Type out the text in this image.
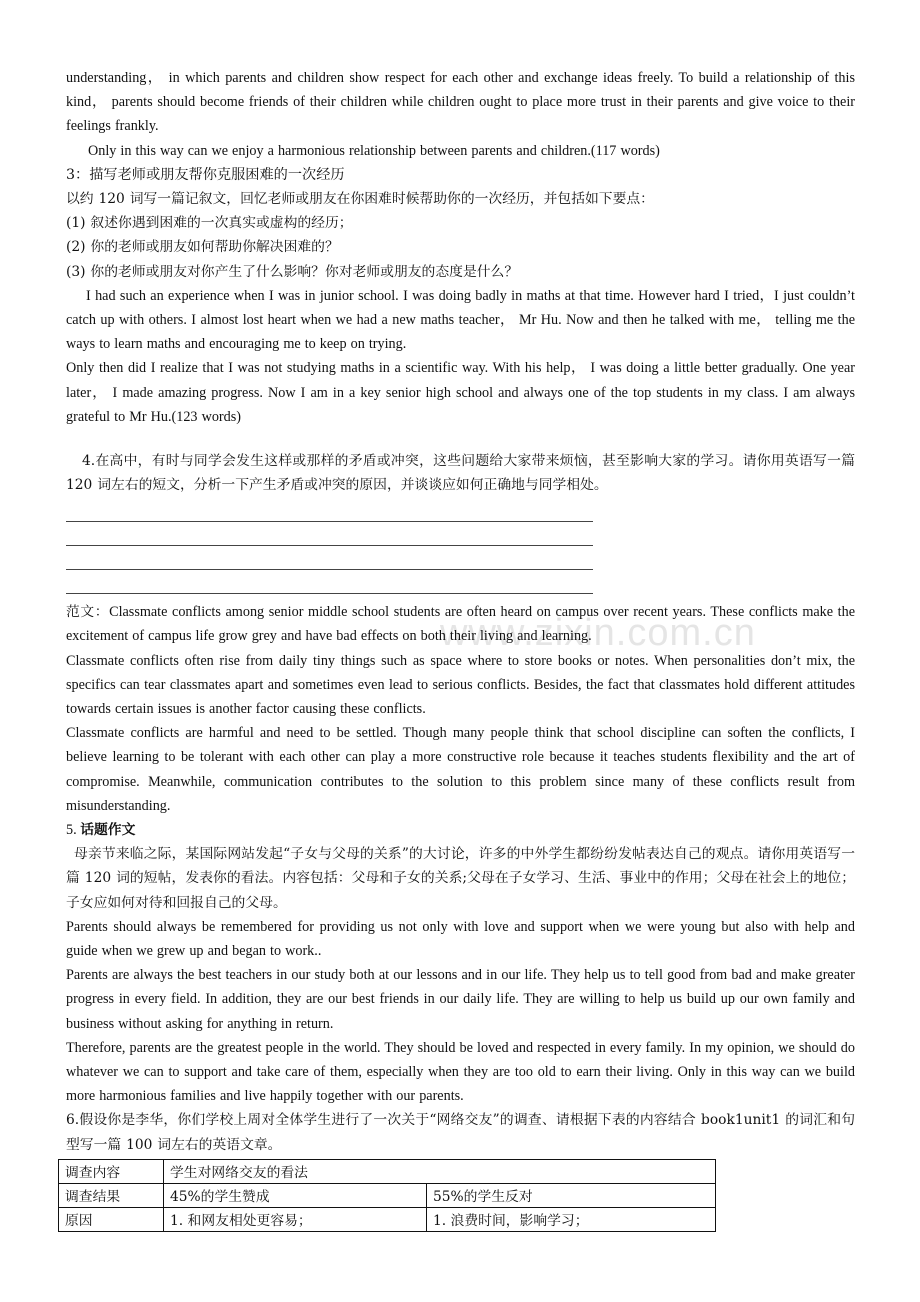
www.zixin.com.cn

understanding， in which parents and children show respect for each other and exchange ideas freely. To build a relationship of this kind， parents should become friends of their children while children ought to place more trust in their parents and give voice to their feelings frankly.

Only in this way can we enjoy a harmonious relationship between parents and children.(117 words)

3：描写老师或朋友帮你克服困难的一次经历

以约 120 词写一篇记叙文，回忆老师或朋友在你困难时候帮助你的一次经历，并包括如下要点：

(1) 叙述你遇到困难的一次真实或虚构的经历；

(2) 你的老师或朋友如何帮助你解决困难的？

(3) 你的老师或朋友对你产生了什么影响？你对老师或朋友的态度是什么？

I had such an experience when I was in junior school. I was doing badly in maths at that time. However hard I tried，I just couldn’t catch up with others. I almost lost heart when we had a new maths teacher， Mr Hu. Now and then he talked with me， telling me the ways to learn maths and encouraging me to keep on trying.

Only then did I realize that I was not studying maths in a scientific way. With his help， I was doing a little better gradually. One year later， I made amazing progress. Now I am in a key senior high school and always one of the top students in my class. I am always grateful to Mr Hu.(123 words)

4.在高中，有时与同学会发生这样或那样的矛盾或冲突，这些问题给大家带来烦恼，甚至影响大家的学习。请你用英语写一篇 120 词左右的短文，分析一下产生矛盾或冲突的原因，并谈谈应如何正确地与同学相处。

范文：Classmate conflicts among senior middle school students are often heard on campus over recent years. These conflicts make the excitement of campus life grow grey and have bad effects on both their living and learning.

Classmate conflicts often rise from daily tiny things such as space where to store books or notes. When personalities don’t mix, the specifics can tear classmates apart and sometimes even lead to serious conflicts. Besides, the fact that classmates hold different attitudes towards certain issues is another factor causing these conflicts.

Classmate conflicts are harmful and need to be settled. Though many people think that school discipline can soften the conflicts, I believe learning to be tolerant with each other can play a more constructive role because it teaches students flexibility and the art of compromise. Meanwhile, communication contributes to the solution to this problem since many of these conflicts result from misunderstanding.

5. 话题作文

母亲节来临之际，某国际网站发起“子女与父母的关系”的大讨论，许多的中外学生都纷纷发帖表达自己的观点。请你用英语写一篇 120 词的短帖，发表你的看法。内容包括：父母和子女的关系;父母在子女学习、生活、事业中的作用；父母在社会上的地位；子女应如何对待和回报自己的父母。

Parents should always be remembered for providing us not only with love and support when we were young but also with help and guide when we grew up and began to work..

Parents are always the best teachers in our study both at our lessons and in our life. They help us to tell good from bad and make greater progress in every field. In addition, they are our best friends in our daily life. They are willing to help us build up our own family and business without asking for anything in return.

Therefore, parents are the greatest people in the world. They should be loved and respected in every family. In my opinion, we should do whatever we can to support and take care of them, especially when they are too old to earn their living. Only in this way can we build more harmonious families and live happily together with our parents.

6.假设你是李华，你们学校上周对全体学生进行了一次关于“网络交友”的调查、请根据下表的内容结合 book1unit1 的词汇和句型写一篇 100 词左右的英语文章。

调查内容	学生对网络交友的看法	
调查结果	45%的学生赞成	55%的学生反对
原因	1. 和网友相处更容易；	1. 浪费时间，影响学习；
